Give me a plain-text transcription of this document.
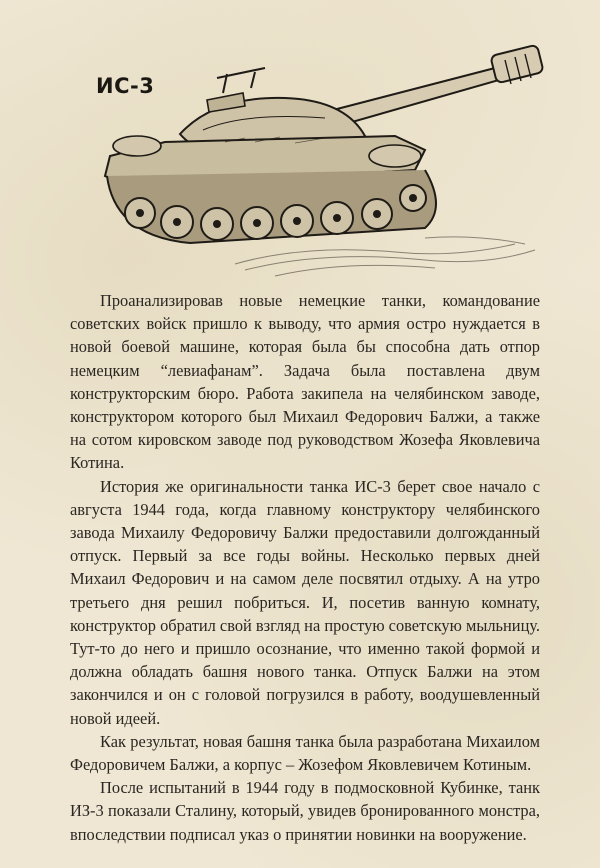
ИС-3

Проанализировав новые немецкие танки, командование советских войск пришло к выводу, что армия остро нуждается в новой боевой машине, которая была бы способна дать отпор немецким “левиафанам”. Задача была поставлена двум конструкторским бюро. Работа закипела на челябинском заводе, конструктором которого был Михаил Федорович Балжи, а также на сотом кировском заводе под руководством Жозефа Яковлевича Котина.

История же оригинальности танка ИС-3 берет свое начало с августа 1944 года, когда главному конструктору челябинского завода Михаилу Федоровичу Балжи предоставили долгожданный отпуск. Первый за все годы войны. Несколько первых дней Михаил Федорович и на самом деле посвятил отдыху. А на утро третьего дня решил побриться. И, посетив ванную комнату, конструктор обратил свой взгляд на простую советскую мыльницу. Тут-то до него и пришло осознание, что именно такой формой и должна обладать башня нового танка. Отпуск Балжи на этом закончился и он с головой погрузился в работу, воодушевленный новой идеей.

Как результат, новая башня танка была разработана Михаилом Федоровичем Балжи, а корпус – Жозефом Яковлевичем Котиным.

После испытаний в 1944 году в подмосковной Кубинке, танк ИЗ-3 показали Сталину, который, увидев бронированного монстра, впоследствии подписал указ о принятии новинки на вооружение.
